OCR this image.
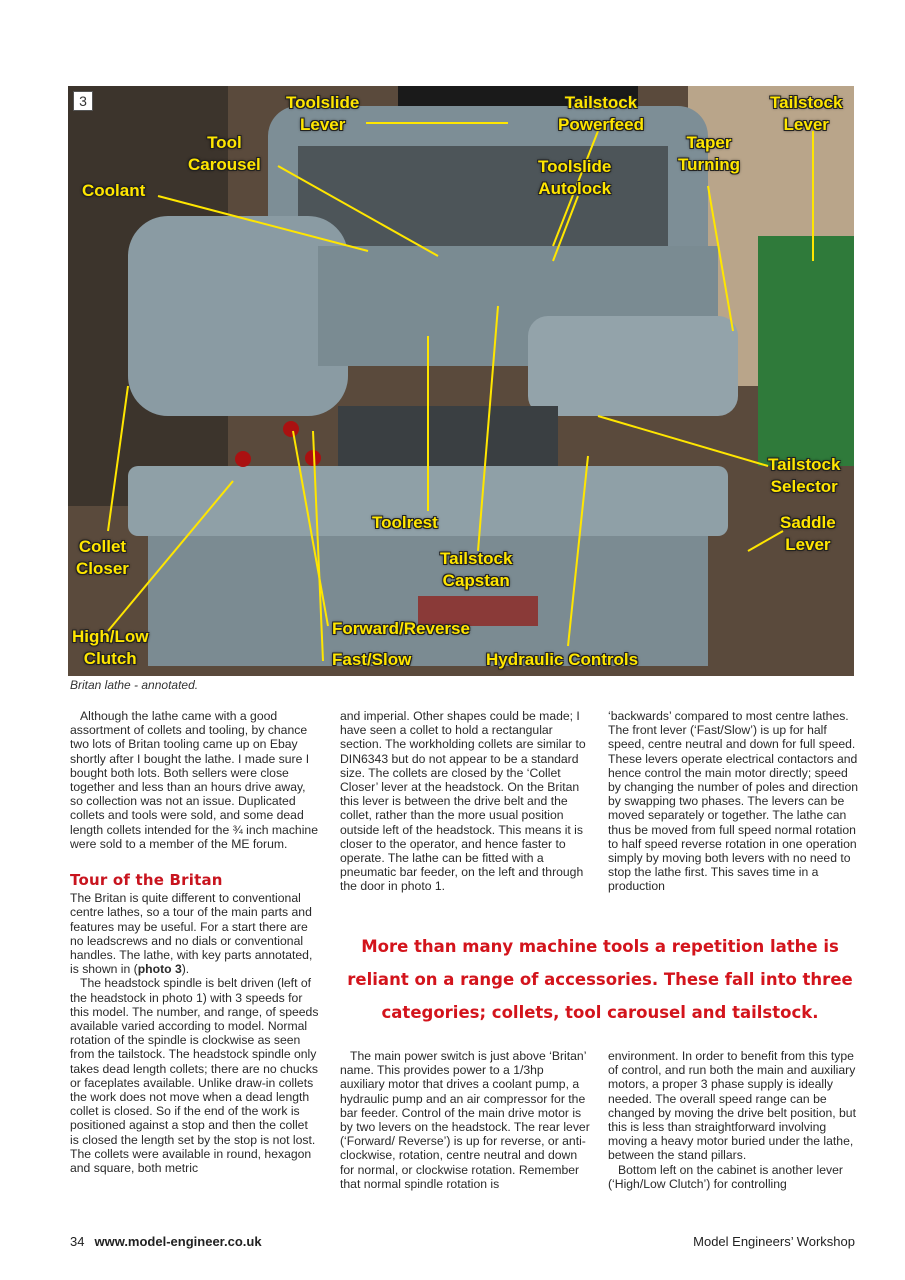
3	Toolslide
Lever
Tailstock
Powerfeed
Tailstock
Lever
Tool
Carousel
Taper
Turning
Toolslide
Autolock
Coolant
Tailstock
Selector
Saddle
Lever
Toolrest
Collet
Closer
Tailstock
Capstan
High/Low
Clutch
Forward/Reverse
Fast/Slow	Hydraulic Controls
Britan lathe - annotated.

Although the lathe came with a good assortment of collets and tooling, by chance two lots of Britan tooling came up on Ebay shortly after I bought the lathe. I made sure I bought both lots. Both sellers were close together and less than an hours drive away, so collection was not an issue. Duplicated collets and tools were sold, and some dead length collets intended for the ¾ inch machine were sold to a member of the ME forum.

Tour of the Britan

The Britan is quite different to conventional centre lathes, so a tour of the main parts and features may be useful. For a start there are no leadscrews and no dials or conventional handles. The lathe, with key parts annotated, is shown in (photo 3).

The headstock spindle is belt driven (left of the headstock in photo 1) with 3 speeds for this model. The number, and range, of speeds available varied according to model. Normal rotation of the spindle is clockwise as seen from the tailstock. The headstock spindle only takes dead length collets; there are no chucks or faceplates available. Unlike draw-in collets the work does not move when a dead length collet is closed. So if the end of the work is positioned against a stop and then the collet is closed the length set by the stop is not lost. The collets were available in round, hexagon and square, both metric

and imperial. Other shapes could be made; I have seen a collet to hold a rectangular section. The workholding collets are similar to DIN6343 but do not appear to be a standard size. The collets are closed by the ‘Collet Closer’ lever at the headstock. On the Britan this lever is between the drive belt and the collet, rather than the more usual position outside left of the headstock. This means it is closer to the operator, and hence faster to operate. The lathe can be fitted with a pneumatic bar feeder, on the left and through the door in photo 1.

‘backwards’ compared to most centre lathes. The front lever (‘Fast/Slow’) is up for half speed, centre neutral and down for full speed. These levers operate electrical contactors and hence control the main motor directly; speed by changing the number of poles and direction by swapping two phases. The levers can be moved separately or together. The lathe can thus be moved from full speed normal rotation to half speed reverse rotation in one operation simply by moving both levers with no need to stop the lathe first. This saves time in a production

More than many machine tools a repetition lathe is reliant on a range of accessories. These fall into three categories; collets, tool carousel and tailstock.

The main power switch is just above ‘Britan’ name. This provides power to a 1/3hp auxiliary motor that drives a coolant pump, a hydraulic pump and an air compressor for the bar feeder. Control of the main drive motor is by two levers on the headstock. The rear lever (‘Forward/ Reverse’) is up for reverse, or anti-clockwise, rotation, centre neutral and down for normal, or clockwise rotation. Remember that normal spindle rotation is

environment. In order to benefit from this type of control, and run both the main and auxiliary motors, a proper 3 phase supply is ideally needed. The overall speed range can be changed by moving the drive belt position, but this is less than straightforward involving moving a heavy motor buried under the lathe, between the stand pillars.

Bottom left on the cabinet is another lever (‘High/Low Clutch’) for controlling

34 www.model-engineer.co.uk	Model Engineers’ Workshop
